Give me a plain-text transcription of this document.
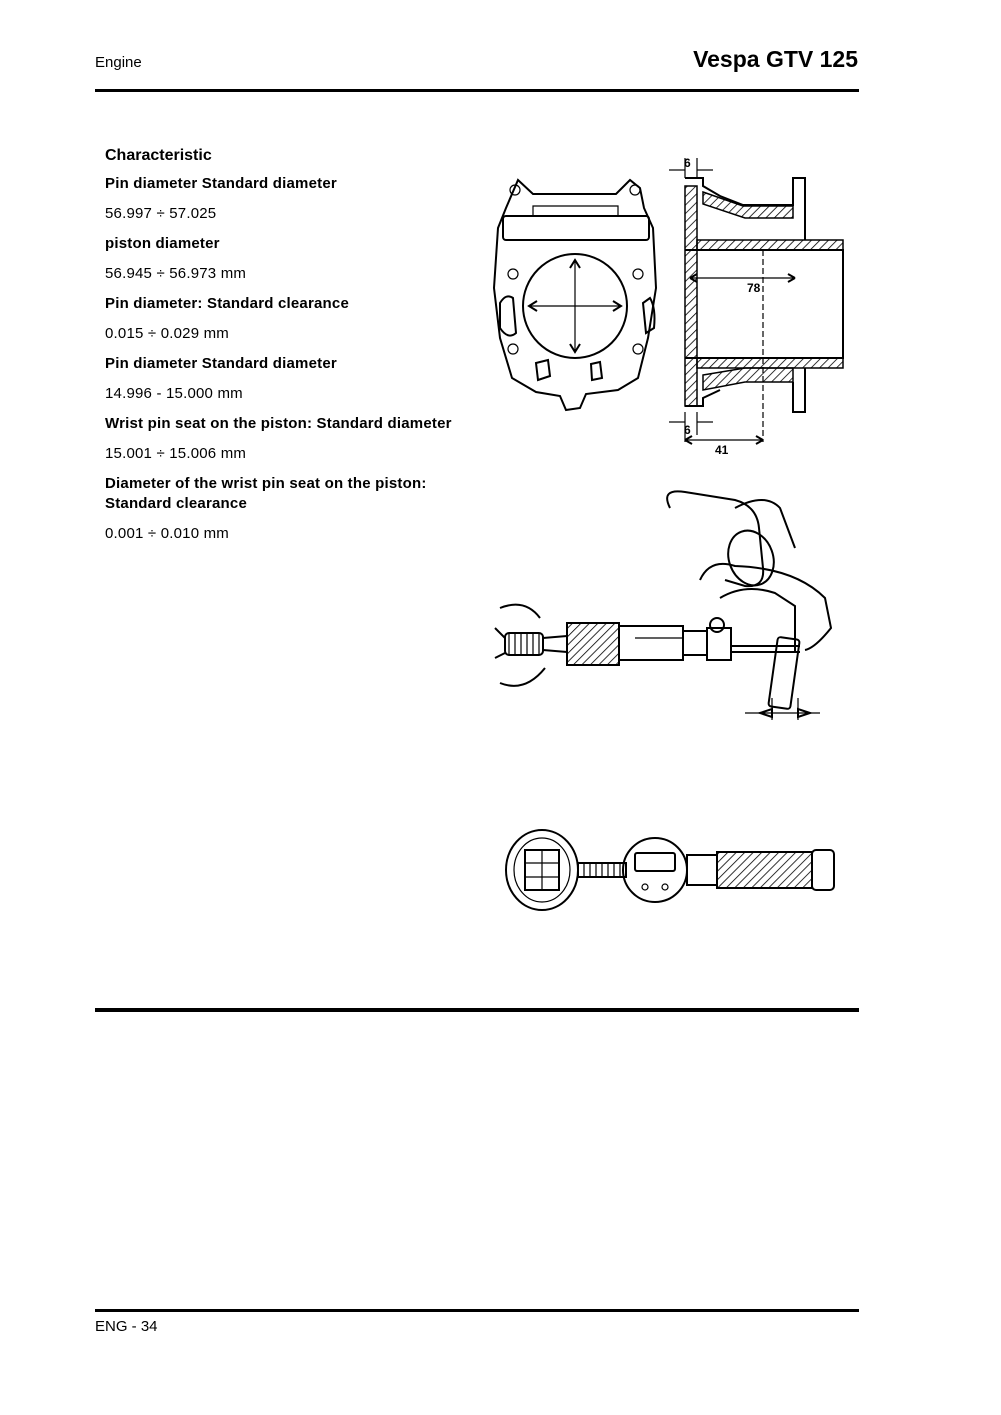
Engine	Vespa GTV 125
Characteristic
Pin diameter Standard diameter
56.997 ÷ 57.025
piston diameter
56.945 ÷ 56.973 mm
Pin diameter: Standard clearance
0.015 ÷ 0.029 mm
Pin diameter Standard diameter
14.996 - 15.000 mm
Wrist pin seat on the piston: Standard diameter
15.001 ÷ 15.006 mm
Diameter of the wrist pin seat on the piston: Standard clearance
0.001 ÷ 0.010 mm
6
78
6
41
ENG - 34
